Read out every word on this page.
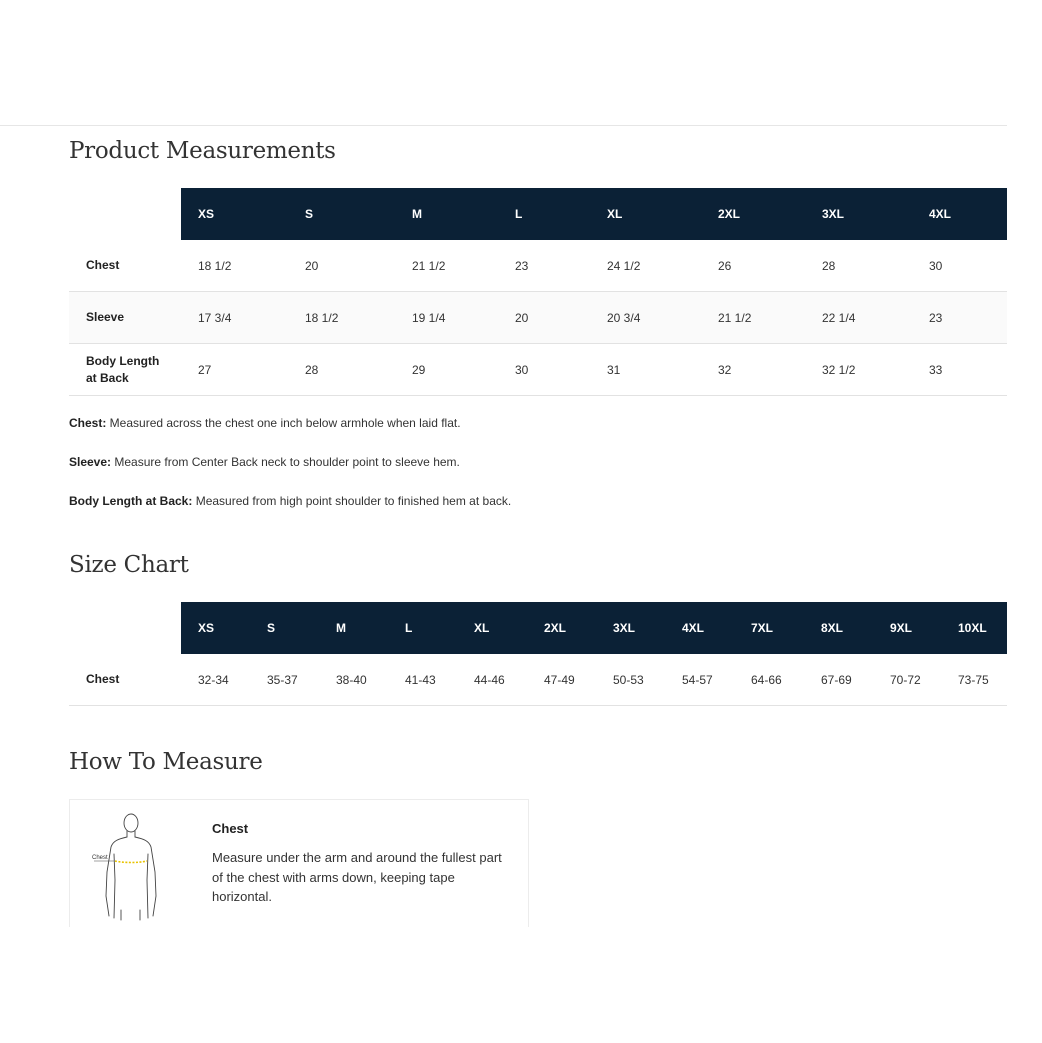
Product Measurements
	XS	S	M	L	XL	2XL	3XL	4XL
Chest	18 1/2	20	21 1/2	23	24 1/2	26	28	30
Sleeve	17 3/4	18 1/2	19 1/4	20	20 3/4	21 1/2	22 1/4	23
Body Length at Back	27	28	29	30	31	32	32 1/2	33

Chest: Measured across the chest one inch below armhole when laid flat.

Sleeve: Measure from Center Back neck to shoulder point to sleeve hem.

Body Length at Back: Measured from high point shoulder to finished hem at back.

Size Chart
	XS	S	M	L	XL	2XL	3XL	4XL	7XL	8XL	9XL	10XL
Chest	32-34	35-37	38-40	41-43	44-46	47-49	50-53	54-57	64-66	67-69	70-72	73-75
How To Measure
Chest
Chest
Measure under the arm and around the fullest part of the chest with arms down, keeping tape horizontal.
